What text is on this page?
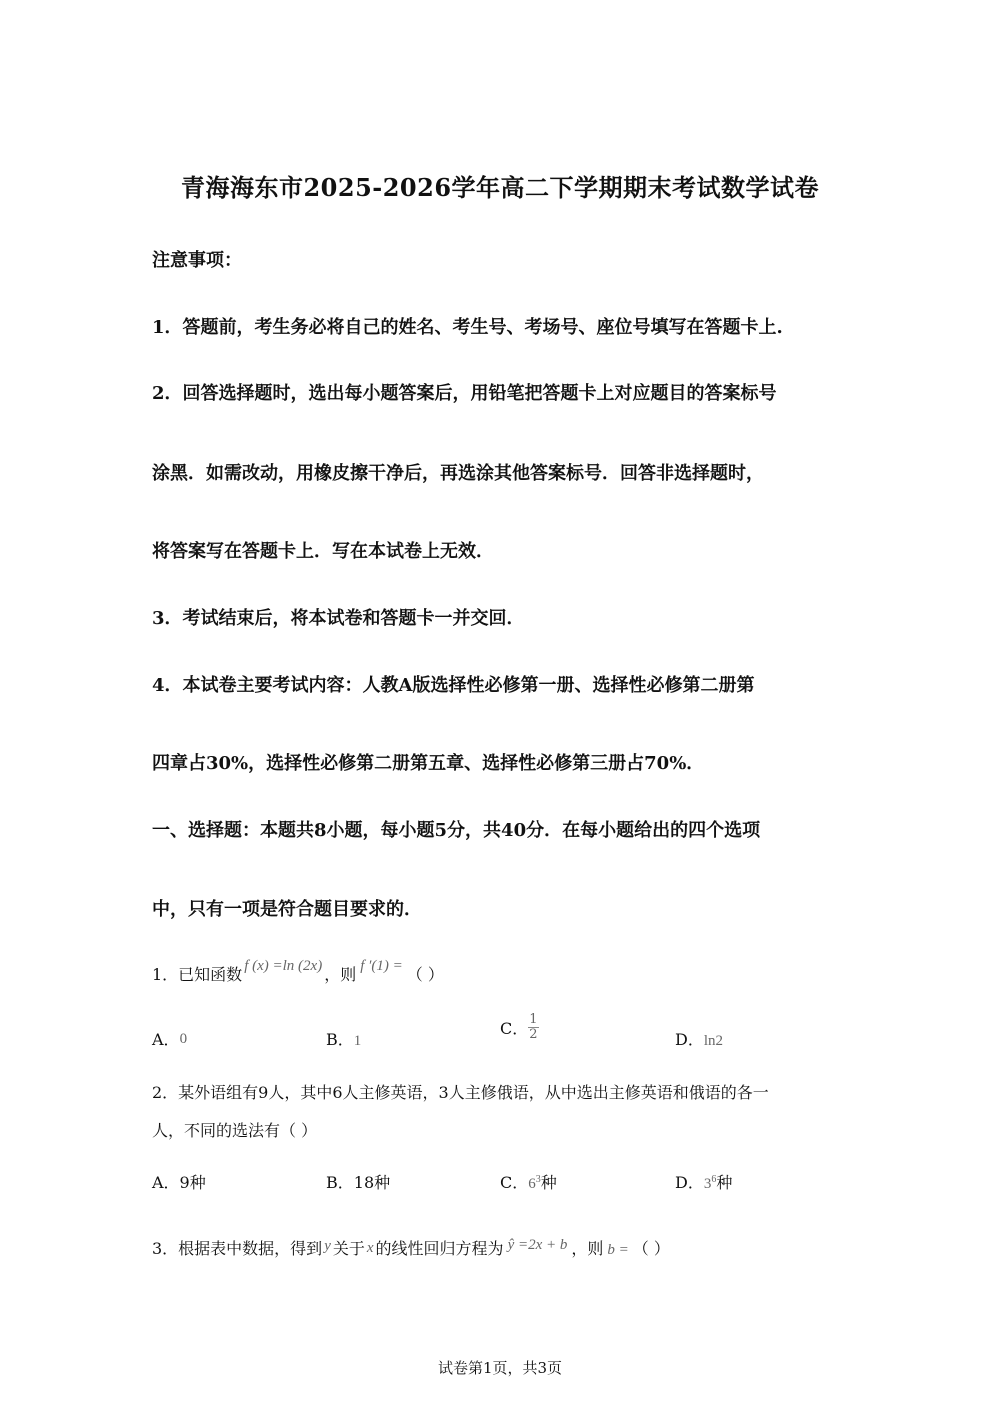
青海海东市2025-2026学年高二下学期期末考试数学试卷
注意事项：
1．答题前，考生务必将自己的姓名、考生号、考场号、座位号填写在答题卡上.
2．回答选择题时，选出每小题答案后，用铅笔把答题卡上对应题目的答案标号
涂黑．如需改动，用橡皮擦干净后，再选涂其他答案标号．回答非选择题时，
将答案写在答题卡上．写在本试卷上无效．
3．考试结束后，将本试卷和答题卡一并交回．
4．本试卷主要考试内容：人教A版选择性必修第一册、选择性必修第二册第
四章占30%，选择性必修第二册第五章、选择性必修第三册占70%．
一、选择题：本题共8小题，每小题5分，共40分．在每小题给出的四个选项
中，只有一项是符合题目要求的．
1．已知函数 f (x) =ln (2x) ，则 f ′(1) = （ ）
A．0	B．1
C． $\frac{1}{2}$	D．ln2
2．某外语组有9人，其中6人主修英语，3人主修俄语，从中选出主修英语和俄语的各一
人，不同的选法有（ ）
A．9种	B．18种	C．$6^3$种	D．$3^6$种
3．根据表中数据，得到 y 关于 x 的线性回归方程为 ŷ =2x + b ，则 b = （ ）
试卷第1页，共3页
